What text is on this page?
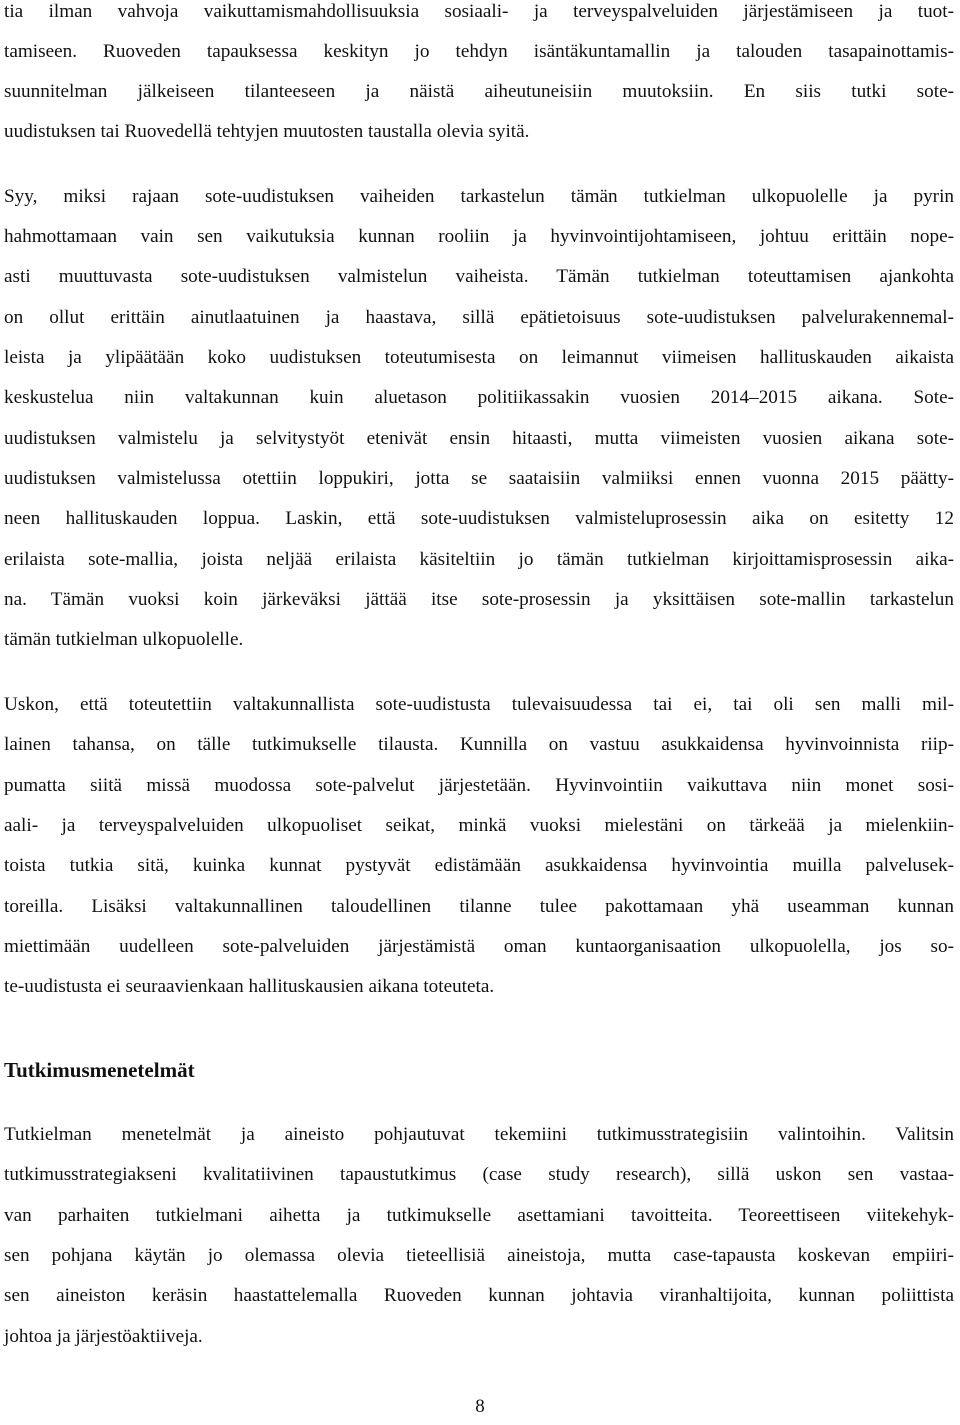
tia ilman vahvoja vaikuttamismahdollisuuksia sosiaali- ja terveyspalveluiden järjestämiseen ja tuot-
tamiseen. Ruoveden tapauksessa keskityn jo tehdyn isäntäkuntamallin ja talouden tasapainottamis-
suunnitelman jälkeiseen tilanteeseen ja näistä aiheutuneisiin muutoksiin. En siis tutki sote-
uudistuksen tai Ruovedellä tehtyjen muutosten taustalla olevia syitä.
Syy, miksi rajaan sote-uudistuksen vaiheiden tarkastelun tämän tutkielman ulkopuolelle ja pyrin
hahmottamaan vain sen vaikutuksia kunnan rooliin ja hyvinvointijohtamiseen, johtuu erittäin nope-
asti muuttuvasta sote-uudistuksen valmistelun vaiheista. Tämän tutkielman toteuttamisen ajankohta
on ollut erittäin ainutlaatuinen ja haastava, sillä epätietoisuus sote-uudistuksen palvelurakennemal-
leista ja ylipäätään koko uudistuksen toteutumisesta on leimannut viimeisen hallituskauden aikaista
keskustelua niin valtakunnan kuin aluetason politiikassakin vuosien 2014–2015 aikana. Sote-
uudistuksen valmistelu ja selvitystyöt etenivät ensin hitaasti, mutta viimeisten vuosien aikana sote-
uudistuksen valmistelussa otettiin loppukiri, jotta se saataisiin valmiiksi ennen vuonna 2015 päätty-
neen hallituskauden loppua. Laskin, että sote-uudistuksen valmisteluprosessin aika on esitetty 12
erilaista sote-mallia, joista neljää erilaista käsiteltiin jo tämän tutkielman kirjoittamisprosessin aika-
na. Tämän vuoksi koin järkeväksi jättää itse sote-prosessin ja yksittäisen sote-mallin tarkastelun
tämän tutkielman ulkopuolelle.
Uskon, että toteutettiin valtakunnallista sote-uudistusta tulevaisuudessa tai ei, tai oli sen malli mil-
lainen tahansa, on tälle tutkimukselle tilausta. Kunnilla on vastuu asukkaidensa hyvinvoinnista riip-
pumatta siitä missä muodossa sote-palvelut järjestetään. Hyvinvointiin vaikuttava niin monet sosi-
aali- ja terveyspalveluiden ulkopuoliset seikat, minkä vuoksi mielestäni on tärkeää ja mielenkiin-
toista tutkia sitä, kuinka kunnat pystyvät edistämään asukkaidensa hyvinvointia muilla palvelusek-
toreilla. Lisäksi valtakunnallinen taloudellinen tilanne tulee pakottamaan yhä useamman kunnan
miettimään uudelleen sote-palveluiden järjestämistä oman kuntaorganisaation ulkopuolella, jos so-
te-uudistusta ei seuraavienkaan hallituskausien aikana toteuteta.
Tutkimusmenetelmät
Tutkielman menetelmät ja aineisto pohjautuvat tekemiini tutkimusstrategisiin valintoihin. Valitsin
tutkimusstrategiakseni kvalitatiivinen tapaustutkimus (case study research), sillä uskon sen vastaa-
van parhaiten tutkielmani aihetta ja tutkimukselle asettamiani tavoitteita. Teoreettiseen viitekehyk-
sen pohjana käytän jo olemassa olevia tieteellisiä aineistoja, mutta case-tapausta koskevan empiiri-
sen aineiston keräsin haastattelemalla Ruoveden kunnan johtavia viranhaltijoita, kunnan poliittista
johtoa ja järjestöaktiiveja.
8
